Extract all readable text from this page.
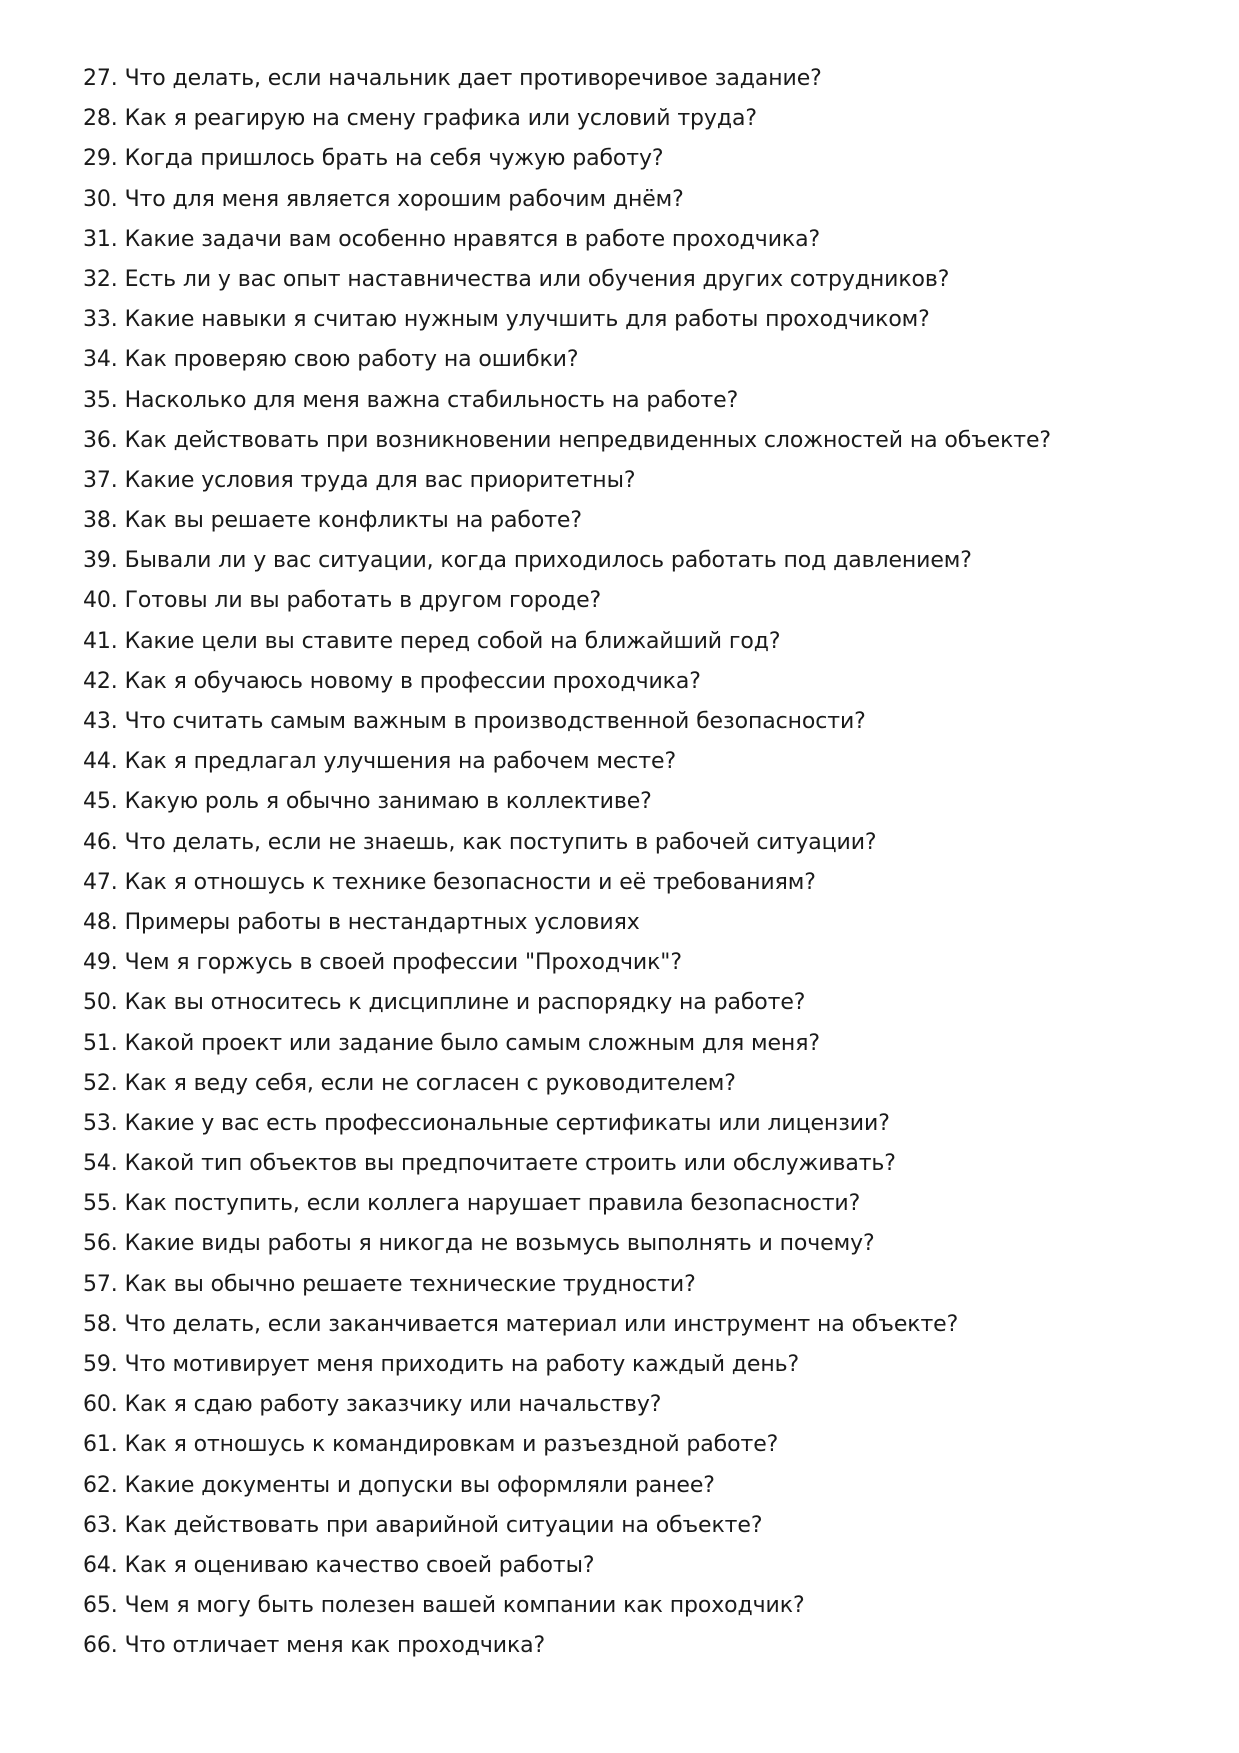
27. Что делать, если начальник дает противоречивое задание?
28. Как я реагирую на смену графика или условий труда?
29. Когда пришлось брать на себя чужую работу?
30. Что для меня является хорошим рабочим днём?
31. Какие задачи вам особенно нравятся в работе проходчика?
32. Есть ли у вас опыт наставничества или обучения других сотрудников?
33. Какие навыки я считаю нужным улучшить для работы проходчиком?
34. Как проверяю свою работу на ошибки?
35. Насколько для меня важна стабильность на работе?
36. Как действовать при возникновении непредвиденных сложностей на объекте?
37. Какие условия труда для вас приоритетны?
38. Как вы решаете конфликты на работе?
39. Бывали ли у вас ситуации, когда приходилось работать под давлением?
40. Готовы ли вы работать в другом городе?
41. Какие цели вы ставите перед собой на ближайший год?
42. Как я обучаюсь новому в профессии проходчика?
43. Что считать самым важным в производственной безопасности?
44. Как я предлагал улучшения на рабочем месте?
45. Какую роль я обычно занимаю в коллективе?
46. Что делать, если не знаешь, как поступить в рабочей ситуации?
47. Как я отношусь к технике безопасности и её требованиям?
48. Примеры работы в нестандартных условиях
49. Чем я горжусь в своей профессии "Проходчик"?
50. Как вы относитесь к дисциплине и распорядку на работе?
51. Какой проект или задание было самым сложным для меня?
52. Как я веду себя, если не согласен с руководителем?
53. Какие у вас есть профессиональные сертификаты или лицензии?
54. Какой тип объектов вы предпочитаете строить или обслуживать?
55. Как поступить, если коллега нарушает правила безопасности?
56. Какие виды работы я никогда не возьмусь выполнять и почему?
57. Как вы обычно решаете технические трудности?
58. Что делать, если заканчивается материал или инструмент на объекте?
59. Что мотивирует меня приходить на работу каждый день?
60. Как я сдаю работу заказчику или начальству?
61. Как я отношусь к командировкам и разъездной работе?
62. Какие документы и допуски вы оформляли ранее?
63. Как действовать при аварийной ситуации на объекте?
64. Как я оцениваю качество своей работы?
65. Чем я могу быть полезен вашей компании как проходчик?
66. Что отличает меня как проходчика?
